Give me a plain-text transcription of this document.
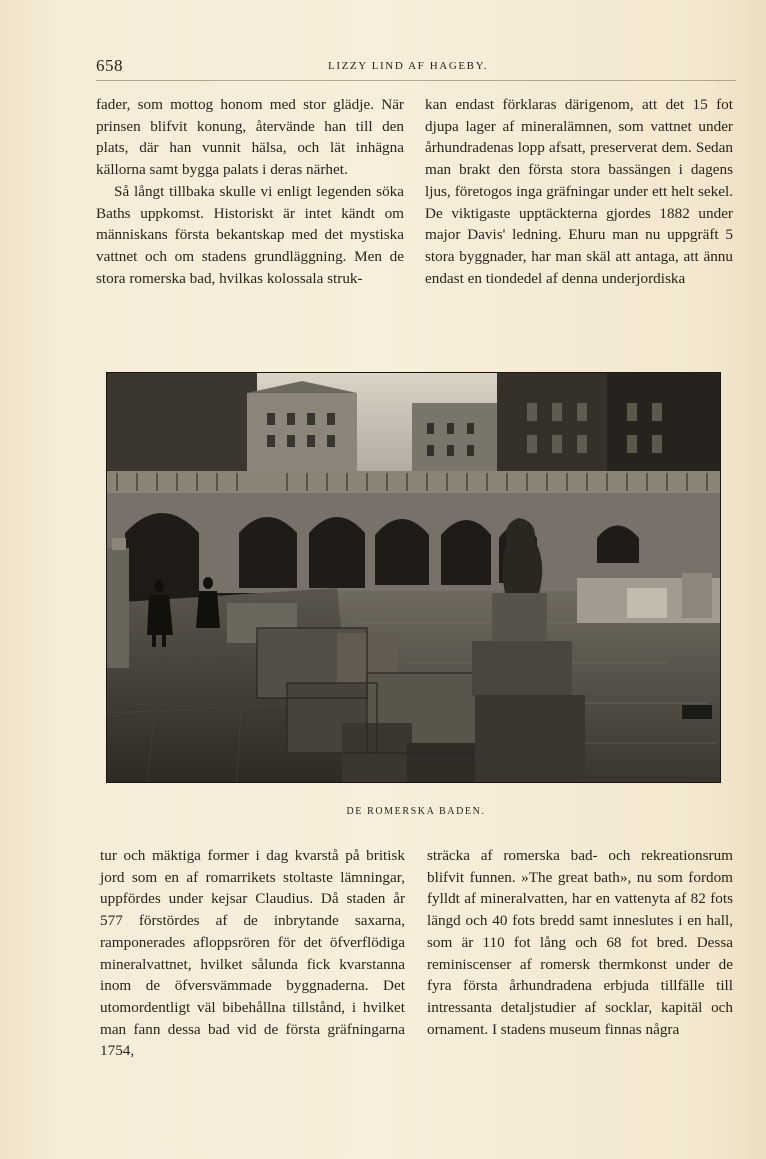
658	LIZZY LIND AF HAGEBY.

fader, som mottog honom med stor glädje. När prinsen blifvit konung, återvände han till den plats, där han vunnit hälsa, och lät inhägna källorna samt bygga palats i deras närhet.

Så långt tillbaka skulle vi enligt legenden söka Baths uppkomst. Historiskt är intet kändt om människans första bekantskap med det mystiska vattnet och om stadens grundläggning. Men de stora romerska bad, hvilkas kolossala struk-

kan endast förklaras därigenom, att det 15 fot djupa lager af mineralämnen, som vattnet under århundradenas lopp afsatt, preserverat dem. Sedan man brakt den första stora bassängen i dagens ljus, företogos inga gräfningar under ett helt sekel. De viktigaste upptäckterna gjordes 1882 under major Davis' ledning. Ehuru man nu uppgräft 5 stora byggnader, har man skäl att antaga, att ännu endast en tiondedel af denna underjordiska

DE ROMERSKA BADEN.

tur och mäktiga former i dag kvarstå på britisk jord som en af romarrikets stoltaste lämningar, uppfördes under kejsar Claudius. Då staden år 577 förstördes af de inbrytande saxarna, ramponerades afloppsrören för det öfverflödiga mineralvattnet, hvilket sålunda fick kvarstanna inom de öfversvämmade byggnaderna. Det utomordentligt väl bibehållna tillstånd, i hvilket man fann dessa bad vid de första gräfningarna 1754,

sträcka af romerska bad- och rekreationsrum blifvit funnen. »The great bath», nu som fordom fylldt af mineralvatten, har en vattenyta af 82 fots längd och 40 fots bredd samt inneslutes i en hall, som är 110 fot lång och 68 fot bred. Dessa reminiscenser af romersk thermkonst under de fyra första århundradena erbjuda tillfälle till intressanta detaljstudier af socklar, kapitäl och ornament. I stadens museum finnas några
